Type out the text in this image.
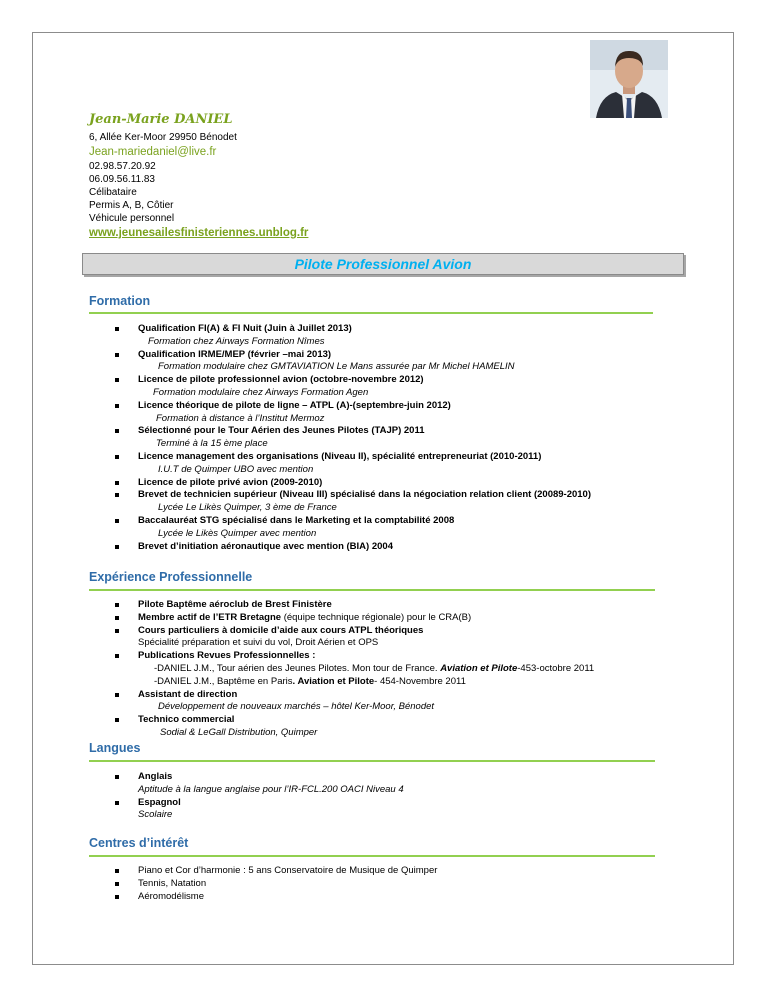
Jean-Marie DANIEL
6, Allée Ker-Moor 29950 Bénodet
Jean-mariedaniel@live.fr
02.98.57.20.92
06.09.56.11.83
Célibataire
Permis A, B, Côtier
Véhicule personnel
www.jeunesailesfinisteriennes.unblog.fr
Pilote Professionnel Avion
Formation
Qualification FI(A) & FI Nuit (Juin à Juillet 2013)
Formation chez Airways Formation Nîmes
Qualification IRME/MEP (février –mai 2013)
Formation modulaire chez GMTAVIATION Le Mans assurée par Mr Michel HAMELIN
Licence de pilote professionnel avion (octobre-novembre 2012)
Formation modulaire chez Airways Formation Agen
Licence théorique de pilote de ligne – ATPL (A)-(septembre-juin 2012)
Formation à distance à l’Institut Mermoz
Sélectionné pour le Tour Aérien des Jeunes Pilotes (TAJP) 2011
Terminé à la 15 ème place
Licence management des organisations (Niveau II), spécialité entrepreneuriat (2010-2011)
I.U.T de Quimper UBO avec mention
Licence de pilote privé avion (2009-2010)
Brevet de technicien supérieur (Niveau III) spécialisé dans la négociation relation client (20089-2010)
Lycée Le Likès Quimper, 3 ème de France
Baccalauréat STG spécialisé dans le Marketing et la comptabilité 2008
Lycée le Likès Quimper avec mention
Brevet d’initiation aéronautique avec mention (BIA) 2004
Expérience Professionnelle
Pilote Baptême aéroclub de Brest Finistère
Membre actif de l’ETR Bretagne (équipe technique régionale) pour le CRA(B)
Cours particuliers à domicile d’aide aux cours ATPL théoriques
Spécialité préparation et suivi du vol, Droit Aérien et OPS
Publications Revues Professionnelles :
-DANIEL J.M., Tour aérien des Jeunes Pilotes. Mon tour de France. Aviation et Pilote-453-octobre 2011
-DANIEL J.M., Baptême en Paris. Aviation et Pilote- 454-Novembre 2011
Assistant de direction
Développement de nouveaux marchés – hôtel Ker-Moor, Bénodet
Technico commercial
Sodial & LeGall Distribution, Quimper
Langues
Anglais
Aptitude à la langue anglaise pour l’IR-FCL.200 OACI Niveau 4
Espagnol
Scolaire
Centres d’intérêt
Piano et Cor d’harmonie : 5 ans Conservatoire de Musique de Quimper
Tennis, Natation
Aéromodélisme
